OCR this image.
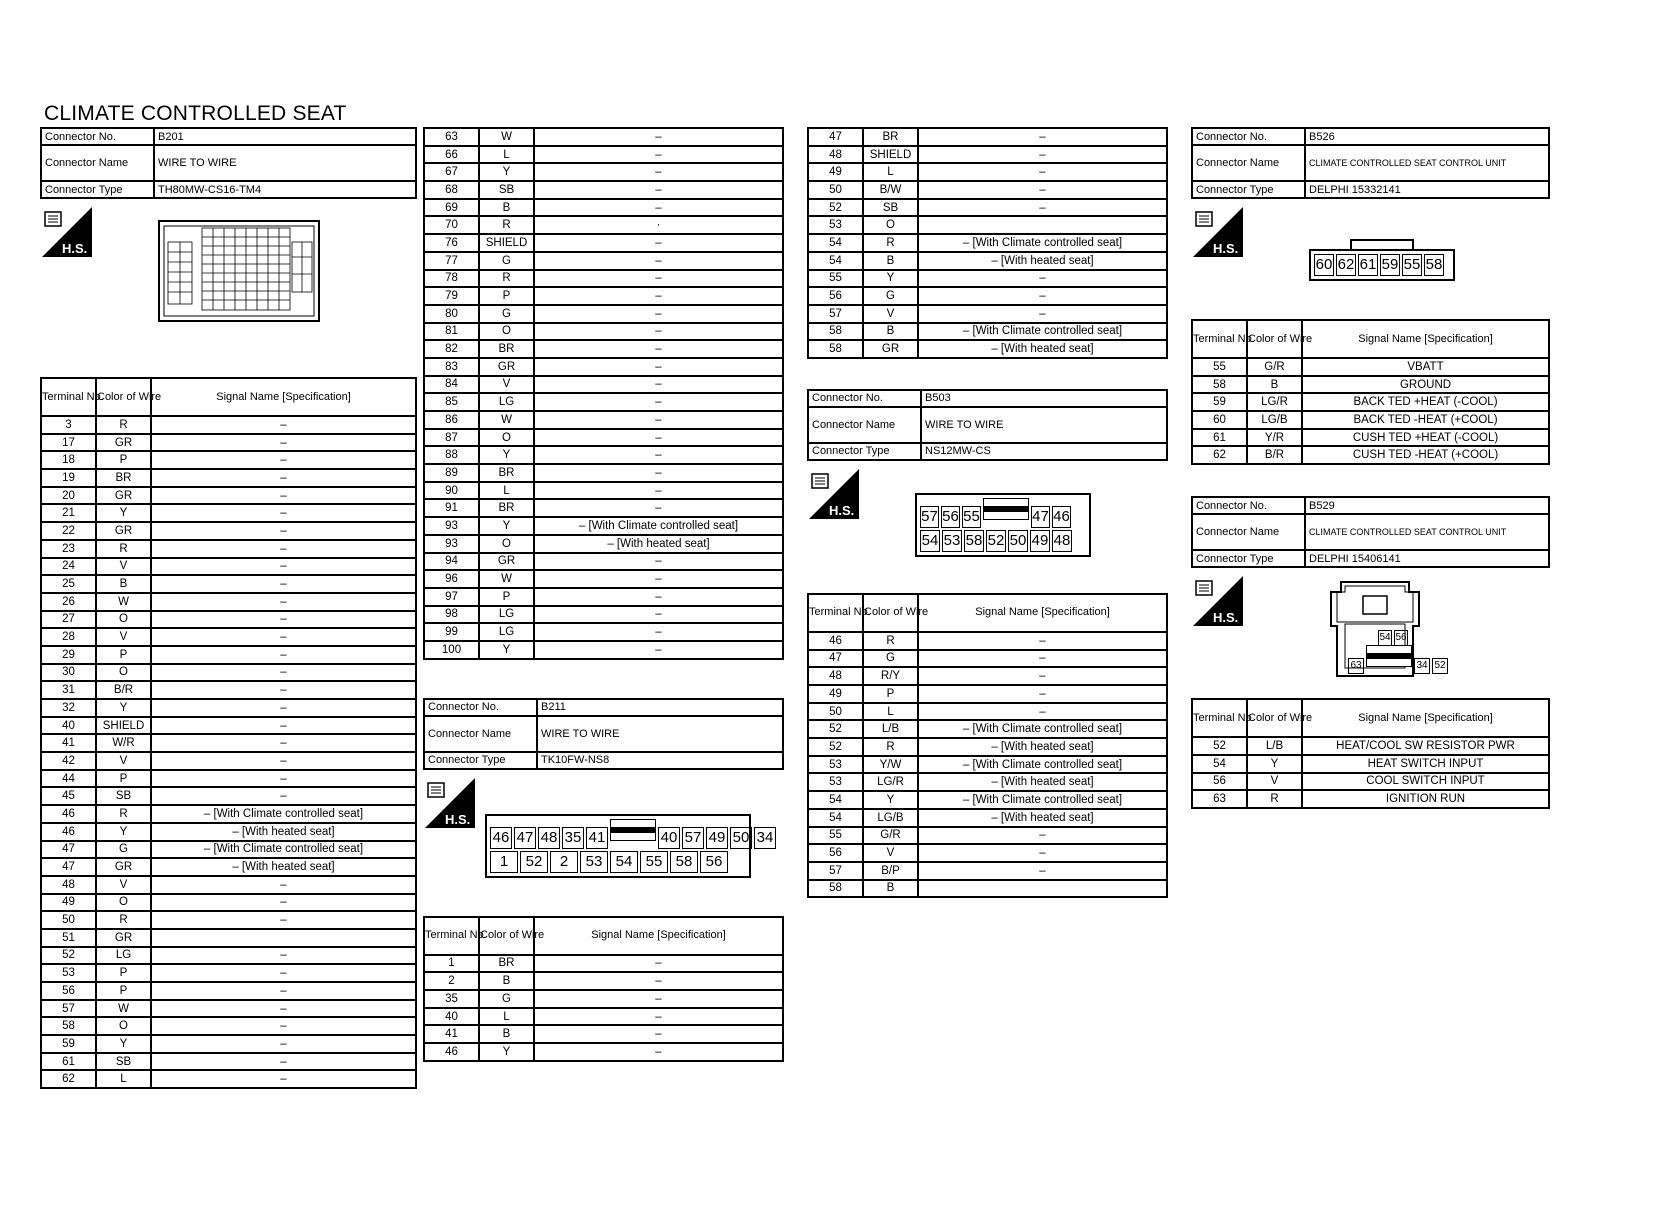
CLIMATE CONTROLLED SEAT
Connector No.	B201
Connector Name	WIRE TO WIRE
Connector Type	TH80MW-CS16-TM4
H.S.
Terminal No.	Color of Wire	Signal Name [Specification]
3	R	–
17	GR	–
18	P	–
19	BR	–
20	GR	–
21	Y	–
22	GR	–
23	R	–
24	V	–
25	B	–
26	W	–
27	O	–
28	V	–
29	P	–
30	O	–
31	B/R	–
32	Y	–
40	SHIELD	–
41	W/R	–
42	V	–
44	P	–
45	SB	–
46	R	– [With Climate controlled seat]
46	Y	– [With heated seat]
47	G	– [With Climate controlled seat]
47	GR	– [With heated seat]
48	V	–
49	O	–
50	R	–
51	GR	
52	LG	–
53	P	–
56	P	–
57	W	–
58	O	–
59	Y	–
61	SB	–
62	L	–
63	W	–
66	L	–
67	Y	–
68	SB	–
69	B	–
70	R	·
76	SHIELD	–
77	G	–
78	R	–
79	P	–
80	G	–
81	O	–
82	BR	–
83	GR	–
84	V	–
85	LG	–
86	W	–
87	O	–
88	Y	–
89	BR	–
90	L	–
91	BR	–
93	Y	– [With Climate controlled seat]
93	O	– [With heated seat]
94	GR	–
96	W	–
97	P	–
98	LG	–
99	LG	–
100	Y	–
Connector No.	B211
Connector Name	WIRE TO WIRE
Connector Type	TK10FW-NS8
H.S.
46 47 48 35 41	40 57 49 50 34
1 52 2 53 54 55 58 56
Terminal No.	Color of Wire	Signal Name [Specification]
1	BR	–
2	B	–
35	G	–
40	L	–
41	B	–
46	Y	–
47	BR	–
48	SHIELD	–
49	L	–
50	B/W	–
52	SB	–
53	O	
54	R	– [With Climate controlled seat]
54	B	– [With heated seat]
55	Y	–
56	G	–
57	V	–
58	B	– [With Climate controlled seat]
58	GR	– [With heated seat]
Connector No.	B503
Connector Name	WIRE TO WIRE
Connector Type	NS12MW-CS
H.S.	57 56 55	47 46
54 53 58 52 50 49 48
Terminal No.	Color of Wire	Signal Name [Specification]
46	R	–
47	G	–
48	R/Y	–
49	P	–
50	L	–
52	L/B	– [With Climate controlled seat]
52	R	– [With heated seat]
53	Y/W	– [With Climate controlled seat]
53	LG/R	– [With heated seat]
54	Y	– [With Climate controlled seat]
54	LG/B	– [With heated seat]
55	G/R	–
56	V	–
57	B/P	–
58	B	
Connector No.	B526
Connector Name	CLIMATE CONTROLLED SEAT CONTROL UNIT
Connector Type	DELPHI 15332141
H.S.
60 62 61 59 55 58
Terminal No.	Color of Wire	Signal Name [Specification]
55	G/R	VBATT
58	B	GROUND
59	LG/R	BACK TED +HEAT (-COOL)
60	LG/B	BACK TED -HEAT (+COOL)
61	Y/R	CUSH TED +HEAT (-COOL)
62	B/R	CUSH TED -HEAT (+COOL)
Connector No.	B529
Connector Name	CLIMATE CONTROLLED SEAT CONTROL UNIT
Connector Type	DELPHI 15406141
H.S.
54 56
63	34 52
Terminal No.	Color of Wire	Signal Name [Specification]
52	L/B	HEAT/COOL SW RESISTOR PWR
54	Y	HEAT SWITCH INPUT
56	V	COOL SWITCH INPUT
63	R	IGNITION RUN
